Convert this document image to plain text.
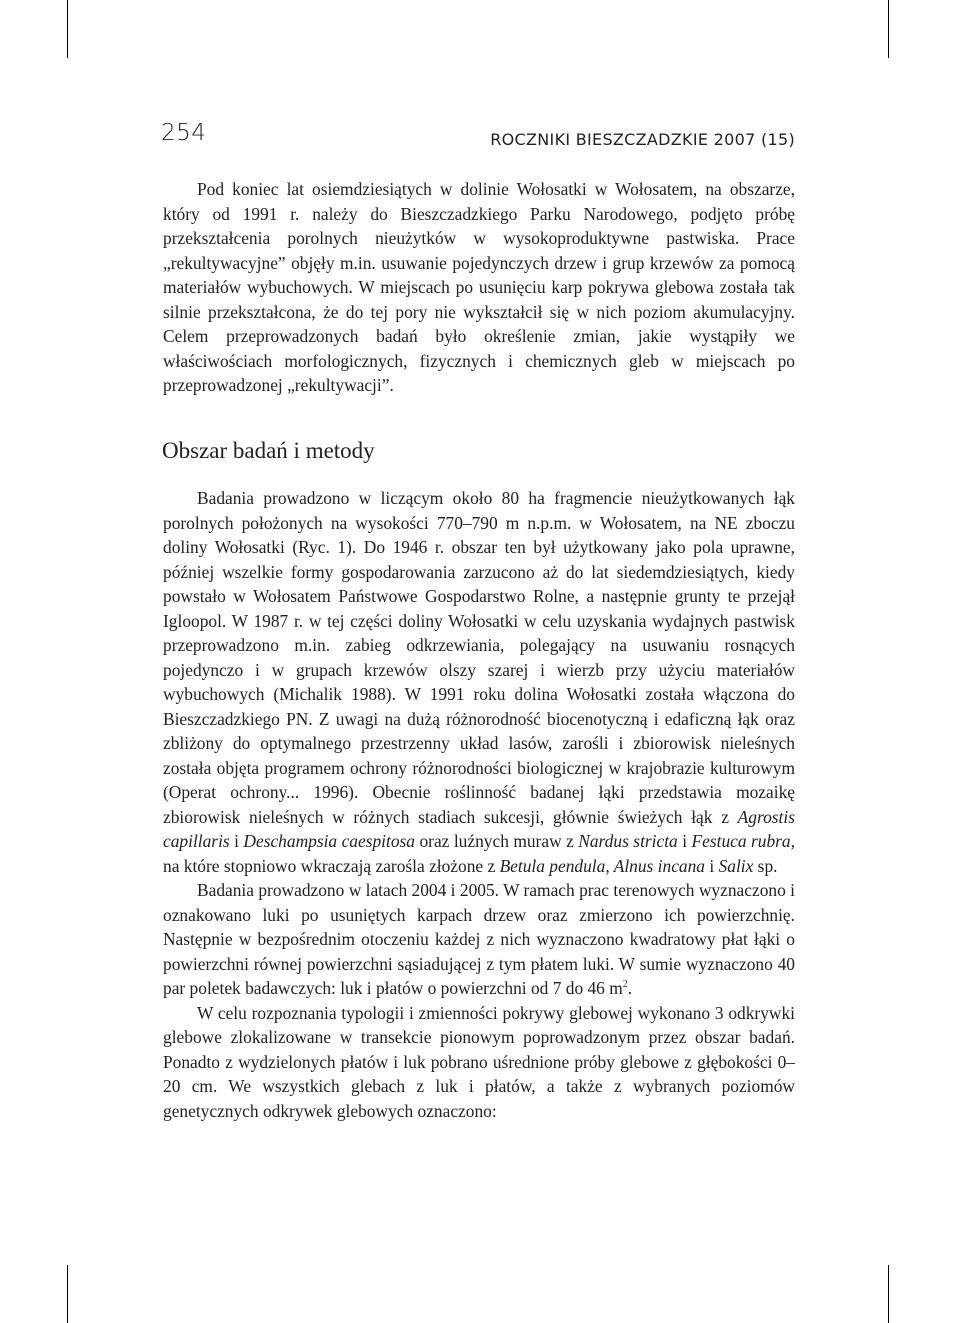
254	ROCZNIKI BIESZCZADZKIE 2007 (15)

Pod koniec lat osiemdziesiątych w dolinie Wołosatki w Wołosatem, na obszarze, który od 1991 r. należy do Bieszczadzkiego Parku Narodowego, podjęto próbę przekształcenia porolnych nieużytków w wysokoproduktywne pastwiska. Prace „rekultywacyjne” objęły m.in. usuwanie pojedynczych drzew i grup krzewów za pomocą materiałów wybuchowych. W miejscach po usunięciu karp pokrywa glebowa została tak silnie przekształcona, że do tej pory nie wykształcił się w nich poziom akumulacyjny. Celem przeprowadzonych badań było określenie zmian, jakie wystąpiły we właściwościach morfologicznych, fizycznych i chemicznych gleb w miejscach po przeprowadzonej „rekultywacji”.

Obszar badań i metody

Badania prowadzono w liczącym około 80 ha fragmencie nieużytkowanych łąk porolnych położonych na wysokości 770–790 m n.p.m. w Wołosatem, na NE zboczu doliny Wołosatki (Ryc. 1). Do 1946 r. obszar ten był użytkowany jako pola uprawne, później wszelkie formy gospodarowania zarzucono aż do lat siedemdziesiątych, kiedy powstało w Wołosatem Państwowe Gospodarstwo Rolne, a następnie grunty te przejął Igloopol. W 1987 r. w tej części doliny Wołosatki w celu uzyskania wydajnych pastwisk przeprowadzono m.in. zabieg odkrzewiania, polegający na usuwaniu rosnących pojedynczo i w grupach krzewów olszy szarej i wierzb przy użyciu materiałów wybuchowych (Michalik 1988). W 1991 roku dolina Wołosatki została włączona do Bieszczadzkiego PN. Z uwagi na dużą różnorodność biocenotyczną i edaficzną łąk oraz zbliżony do optymalnego przestrzenny układ lasów, zarośli i zbiorowisk nieleśnych została objęta programem ochrony różnorodności biologicznej w krajobrazie kulturowym (Operat ochrony... 1996). Obecnie roślinność badanej łąki przedstawia mozaikę zbiorowisk nieleśnych w różnych stadiach sukcesji, głównie świeżych łąk z Agrostis capillaris i Deschampsia caespitosa oraz luźnych muraw z Nardus stricta i Festuca rubra, na które stopniowo wkraczają zarośla złożone z Betula pendula, Alnus incana i Salix sp.

Badania prowadzono w latach 2004 i 2005. W ramach prac terenowych wyznaczono i oznakowano luki po usuniętych karpach drzew oraz zmierzono ich powierzchnię. Następnie w bezpośrednim otoczeniu każdej z nich wyznaczono kwadratowy płat łąki o powierzchni równej powierzchni sąsiadującej z tym płatem luki. W sumie wyznaczono 40 par poletek badawczych: luk i płatów o powierzchni od 7 do 46 $m^2$.

W celu rozpoznania typologii i zmienności pokrywy glebowej wykonano 3 odkrywki glebowe zlokalizowane w transekcie pionowym poprowadzonym przez obszar badań. Ponadto z wydzielonych płatów i luk pobrano uśrednione próby glebowe z głębokości 0–20 cm. We wszystkich glebach z luk i płatów, a także z wybranych poziomów genetycznych odkrywek glebowych oznaczono:
